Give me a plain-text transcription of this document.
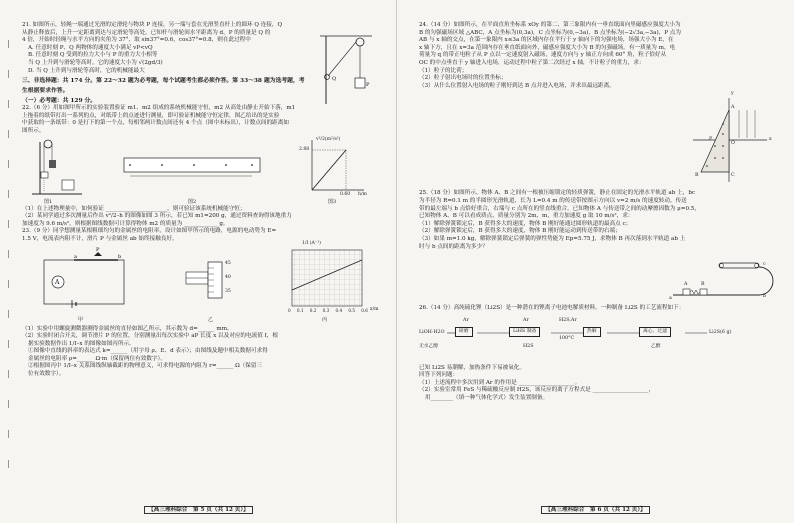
21. 如图所示，轻绳一端通过光滑的定滑轮与物块 P 连接，另一端与套在光滑竖直杆上的圆环 Q 连接，Q

从静止释放后，上升一定距离到达与定滑轮等高处，已知杆与滑轮间水平距离为 d，P 的质量是 Q 的

4 倍，开始时轻绳与水平方向的夹角为 37°，取 sin37°=0.6，cos37°=0.8，则在此过程中

A. 任意时刻 P、Q 两物体的速度大小满足 vP<vQ

B. 任意时刻 Q 受到的拉力大小与 P 的重力大小相等

当 Q 上升到与滑轮等高时，它的速度大小为 √(2gd/3)

D. 当 Q 上升到与滑轮等高时，它的机械能最大

Q
P

三、非选择题：共 174 分。第 22～32 题为必考题，每个试题考生都必须作答。第 33～38 题为选考题，考

生根据要求作答。

（一）必考题：共 129 分。

22.（6 分）用如图甲所示的实验装置验证 m1、m2 组成的系统机械能守恒，m2 从高处由静止开始下落，m1

上拖着的纸带打出一系列的点，对纸带上的点迹进行测量，即可验证机械能守恒定律，图乙给出的是实验

中获取的一条纸带：0 是打下的第一个点，每相邻两计数点间还有 4 个点（图中未标出），计数点间的距离如

图所示。

图1	图2

v²/2(m²/s²)

2.88

0.60 h/m

图3

（1）在上述物理量中，如何验证 ______________________，则可验证该系统机械能守恒；

（2）某同学通过多次测量后作出 v²/2–h 的图像如图 3 所示，若已知 m1=200 g，通过资料查询得该地重力

加速度为 9.6 m/s²，则根据图线数据可计算得物体 m2 的质量为 ____________ g。

23.（9 分）同学想测量某根粗细均匀的金属丝的电阻率，设计如图甲所示的电路，电源的电动势为 E=

1.5 V，电流表内阻不计，滑片 P 与金属丝 ab 始终接触良好。

A
a	b
P

甲

45

40

35

乙

1/I (A⁻¹)

0 0.1 0.2 0.3 0.4 0.5 0.6 x/m

丙

（1）实验中用螺旋测微器测得金属丝的直径如图乙所示，其示数为 d=______ mm。

（2）实验时闭合开关，调节滑片 P 的位置，分别测量出每次实验中 aP 长度 x 以及对应的电流值 I，根

据实验数据作出 1/I–x 的图像如图丙所示。

①图像中直线的斜率的表达式 k=______（用字母 ρ、E、d 表示）；由图线及题中相关数据可求得

金属丝的电阻率 ρ=______ Ω·m（保留两位有效数字）。

②根据图丙中 1/I–x 关系图线纵轴截距的物理意义，可求得电源的内阻为 r=______ Ω（保留三

位有效数字）。

【高三理科综合　第 5 页（共 12 页）】

24.（14 分）如图所示，在平面直角坐标系 xOy 的第二、第三象限内有一垂直纸面向里磁感应强度大小为

B 的匀强磁场区域 △ABC，A 点坐标为(0,3a)，C 点坐标为(0,−3a)，B 点坐标为(−2√3a,−3a)，P 点为

AB 与 x 轴的交点，在第一象限内 x≤3a 的区域内存在平行于 y 轴向下的匀强电场，场强大小为 E，在

x 轴下方，且在 x=3a 范围内存在垂直纸面向外，磁感应强度大小为 B 的匀强磁场。有一质量为 m，电

荷量为 q 的带正电粒子从 P 点以一定速度射入磁场，速度方向与 y 轴正方向成 60° 角，粒子恰好从

OC 的中点垂直于 y 轴进入电场，运动过程中粒子第二次经过 x 轴，不计粒子的重力，求：

（1）粒子的比荷；

（2）粒子射出电场时的位置坐标；

（3）从什么位置射入电场的粒子刚好到达 B 点并进入电场，并求出最远距离。

y

x

O

A

B	C

P

25.（18 分）如图所示，物体 A、B 之间有一根被压缩锁定的轻质弹簧，静止在固定的光滑水平轨道 ab 上，bc

为半径为 R=0.1 m 的半圆形光滑轨道，长为 L=0.4 m 的传送带按图示方向以 v=2 m/s 的速度转动，传送

带的最左端与 b 点恰好重合，右端与 c 点所在的竖直线重合，已知物体 A 与传送带之间的动摩擦因数为 μ=0.5，

已知物体 A、B 可以看成质点，质量分别为 2m、m，重力加速度 g 取 10 m/s²，求：

（1）解除弹簧锁定后，B 获得多大的速度，物体 B 刚好能通过圆形轨道的最高点 c；

（2）解除弹簧锁定后，B 获得多大的速度，物体 B 刚好能运动到传送带的右端；

（3）如果 m=1.0 kg，解除弹簧锁定后弹簧的弹性势能为 Ep=5.75 J，求物体 B 再次落到水平轨道 ab 上

时与 b 点间的距离为多少？

c

b

a

A	B

26.（14 分）高纯硫化锂（Li2S）是一种潜在的锂离子电池电解质材料，一种制备 Li2S 的工艺流程如下：

Ar	Ar

LiOH·H2O	研磨	LiHS 制备	热解	离心、过滤	Li2S(6 g)

无水乙醇	H2S

H2S,Ar

100°C

乙醇

已知 Li2S 易潮解，加热条件下易被氧化。

回答下列问题：

（1）上述流程中多次用到 Ar 的作用是 ____________________。

（2）实验室常用 FeS 与稀硫酸反应制 H2S，该反应的离子方程式是 ____________________，

用________（填一种气体化学式）发生装置制备。

【高三理科综合　第 6 页（共 12 页）】
